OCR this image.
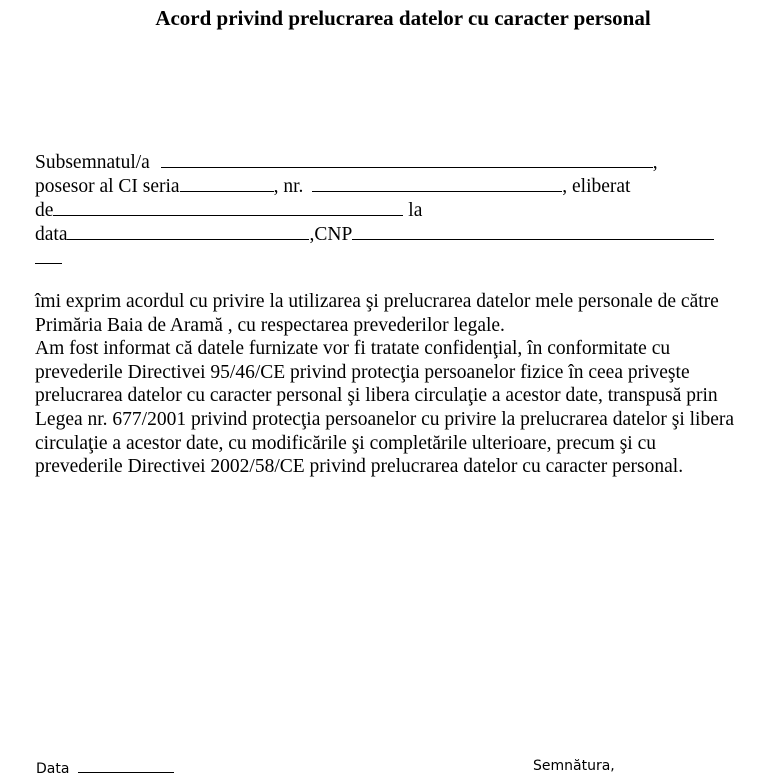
Acord privind prelucrarea datelor cu caracter personal
Subsemnatul/a	,
posesor al CI seria	, nr.	, eliberat
de	la
data	,CNP

îmi exprim acordul cu privire la utilizarea şi prelucrarea datelor mele personale de către

Primăria Baia de Aramă , cu respectarea prevederilor legale.

Am fost informat că datele furnizate vor fi tratate confidenţial, în conformitate cu prevederile Directivei 95/46/CE privind protecţia persoanelor fizice în ceea priveşte prelucrarea datelor cu caracter personal şi libera circulaţie a acestor date, transpusă prin Legea nr. 677/2001 privind protecţia persoanelor cu privire la prelucrarea datelor şi libera circulaţie a acestor date, cu modificările şi completările ulterioare, precum şi cu prevederile Directivei 2002/58/CE privind prelucrarea datelor cu caracter personal.

Data	Semnătura,
